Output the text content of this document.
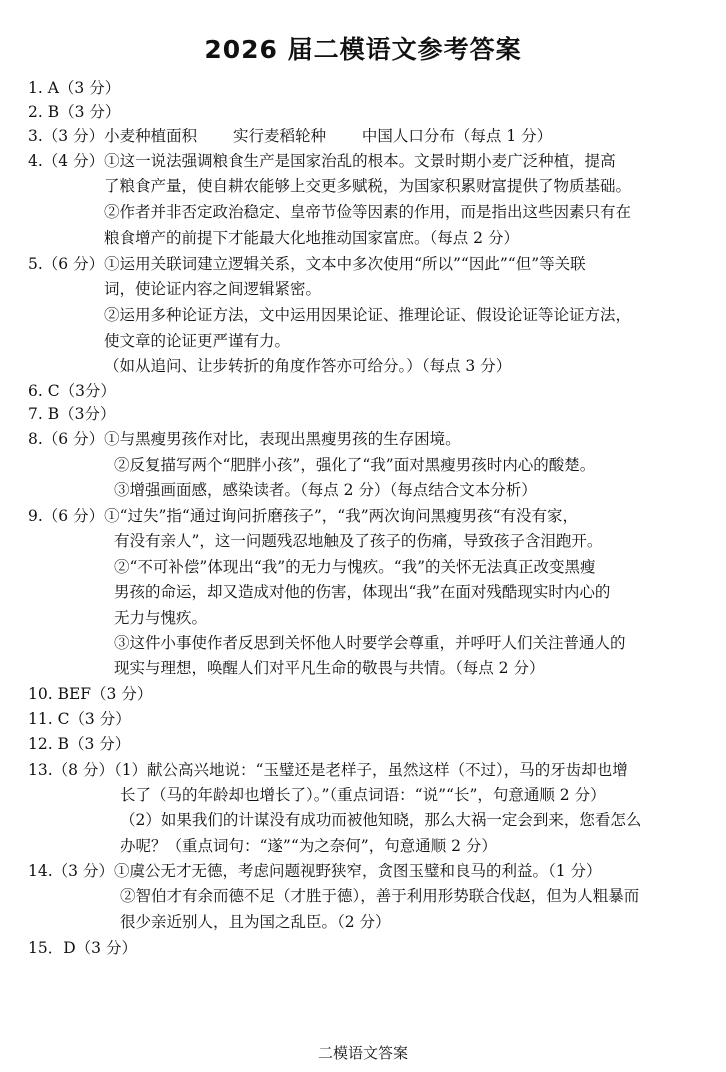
2026 届二模语文参考答案
1. A（3 分）
2. B（3 分）
3.（3 分）小麦种植面积　　 实行麦稻轮种　　 中国人口分布（每点 1 分）
4.（4 分）①这一说法强调粮食生产是国家治乱的根本。文景时期小麦广泛种植，提高
了粮食产量，使自耕农能够上交更多赋税，为国家积累财富提供了物质基础。
②作者并非否定政治稳定、皇帝节俭等因素的作用，而是指出这些因素只有在
粮食增产的前提下才能最大化地推动国家富庶。（每点 2 分）
5.（6 分）①运用关联词建立逻辑关系，文本中多次使用“所以”“因此”“但”等关联
词，使论证内容之间逻辑紧密。
②运用多种论证方法，文中运用因果论证、推理论证、假设论证等论证方法，
使文章的论证更严谨有力。
（如从追问、让步转折的角度作答亦可给分。）（每点 3 分）
6. C（3分）
7. B（3分）
8.（6 分）①与黑瘦男孩作对比，表现出黑瘦男孩的生存困境。
②反复描写两个“肥胖小孩”，强化了“我”面对黑瘦男孩时内心的酸楚。
③增强画面感，感染读者。（每点 2 分）（每点结合文本分析）
9.（6 分）①“过失”指“通过询问折磨孩子”，“我”两次询问黑瘦男孩“有没有家，
有没有亲人”，这一问题残忍地触及了孩子的伤痛，导致孩子含泪跑开。
②“不可补偿”体现出“我”的无力与愧疚。“我”的关怀无法真正改变黑瘦
男孩的命运，却又造成对他的伤害，体现出“我”在面对残酷现实时内心的
无力与愧疚。
③这件小事使作者反思到关怀他人时要学会尊重，并呼吁人们关注普通人的
现实与理想，唤醒人们对平凡生命的敬畏与共情。（每点 2 分）
10. BEF（3 分）
11. C（3 分）
12. B（3 分）
13.（8 分）（1）献公高兴地说：“玉璧还是老样子，虽然这样（不过），马的牙齿却也增
长了（马的年龄却也增长了）。”（重点词语：“说”“长”，句意通顺 2 分）
（2）如果我们的计谋没有成功而被他知晓，那么大祸一定会到来，您看怎么
办呢？（重点词句：“遂”“为之奈何”，句意通顺 2 分）
14.（3 分）①虞公无才无德，考虑问题视野狭窄，贪图玉璧和良马的利益。（1 分）
②智伯才有余而德不足（才胜于德），善于利用形势联合伐赵，但为人粗暴而
很少亲近别人，且为国之乱臣。（2 分）
15．D（3 分）
二模语文答案
